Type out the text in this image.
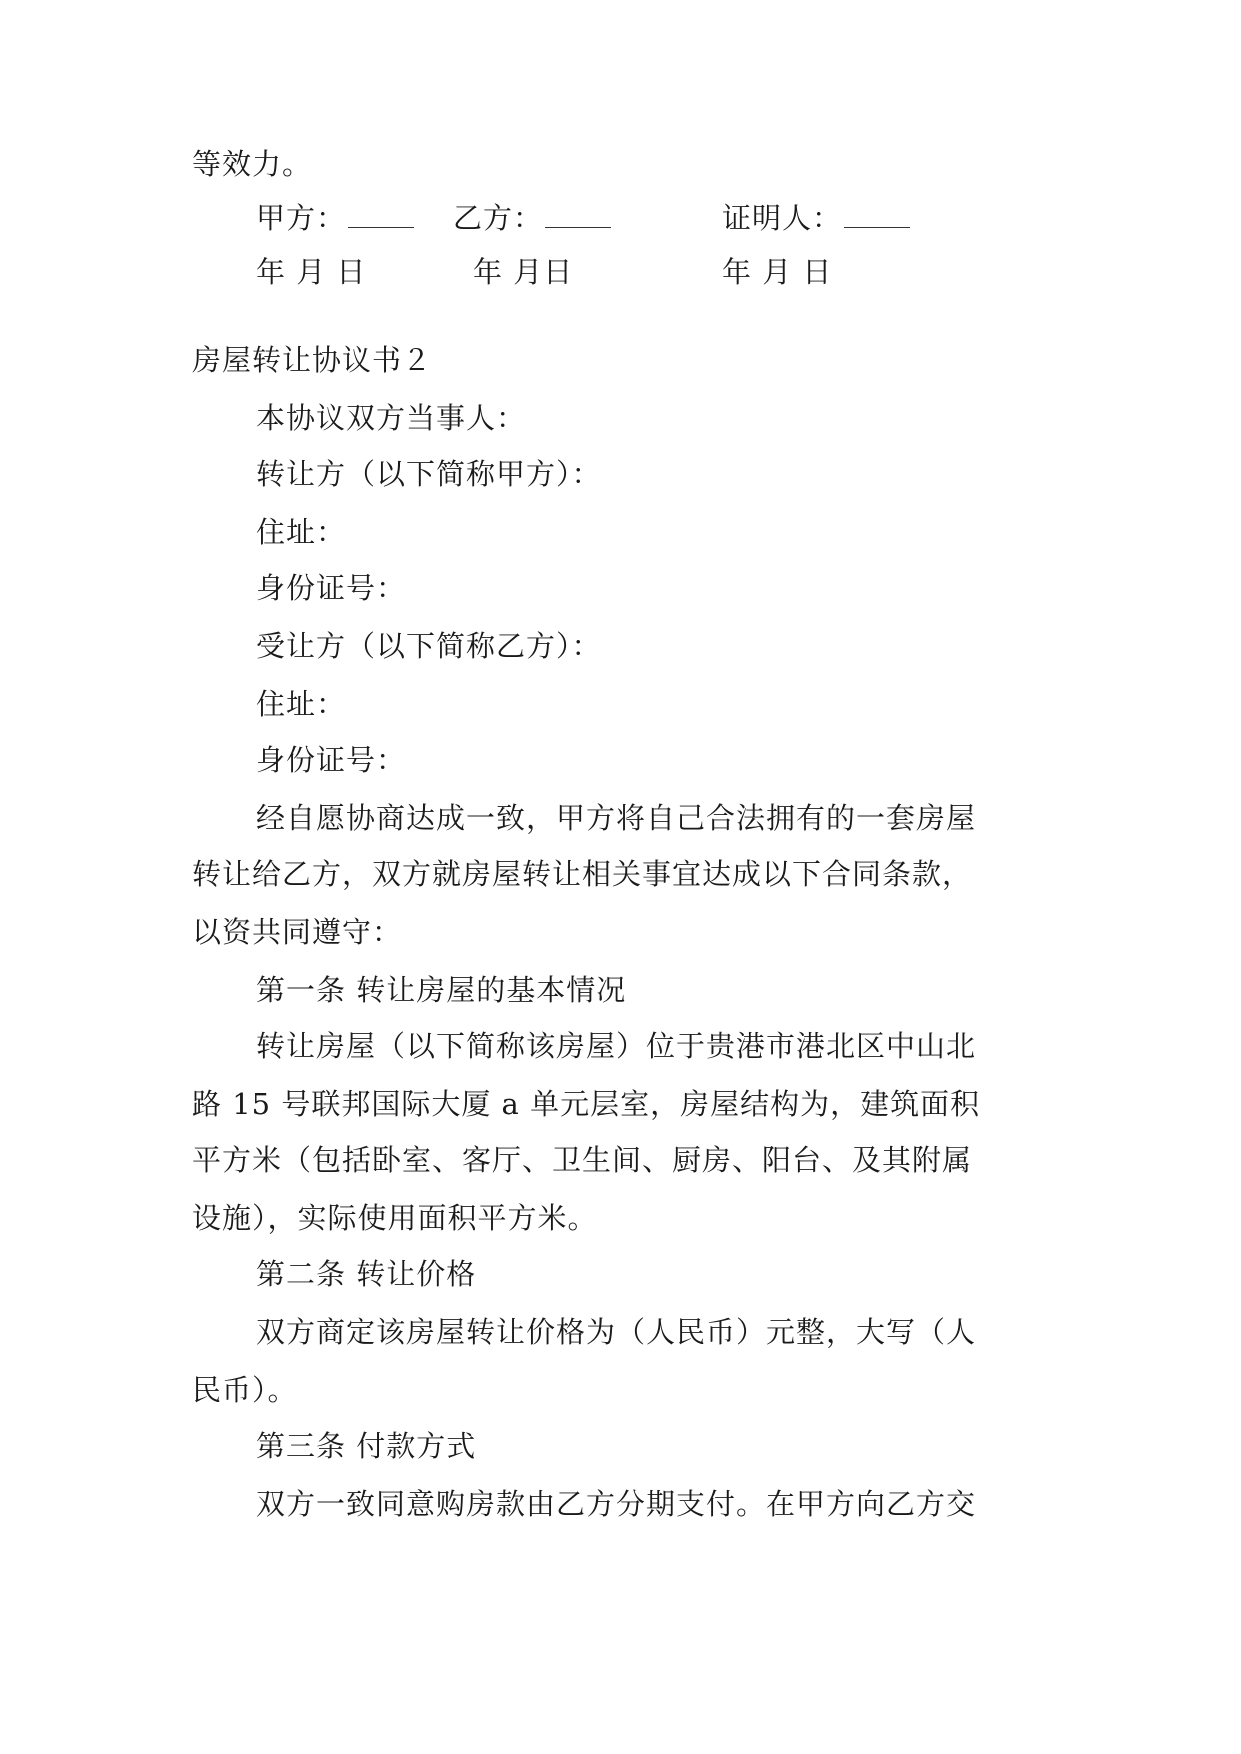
等效力。
甲方：	乙方：	证明人：
年 月 日	年 月日	年 月 日
房屋转让协议书２
本协议双方当事人：
转让方（以下简称甲方）：
住址：
身份证号：
受让方（以下简称乙方）：
住址：
身份证号：
经自愿协商达成一致，甲方将自己合法拥有的一套房屋
转让给乙方，双方就房屋转让相关事宜达成以下合同条款，
以资共同遵守：
第一条 转让房屋的基本情况
转让房屋（以下简称该房屋）位于贵港市港北区中山北
路 15 号联邦国际大厦 a 单元层室，房屋结构为，建筑面积
平方米（包括卧室、客厅、卫生间、厨房、阳台、及其附属
设施），实际使用面积平方米。
第二条 转让价格
双方商定该房屋转让价格为（人民币）元整，大写（人
民币）。
第三条 付款方式
双方一致同意购房款由乙方分期支付。在甲方向乙方交
